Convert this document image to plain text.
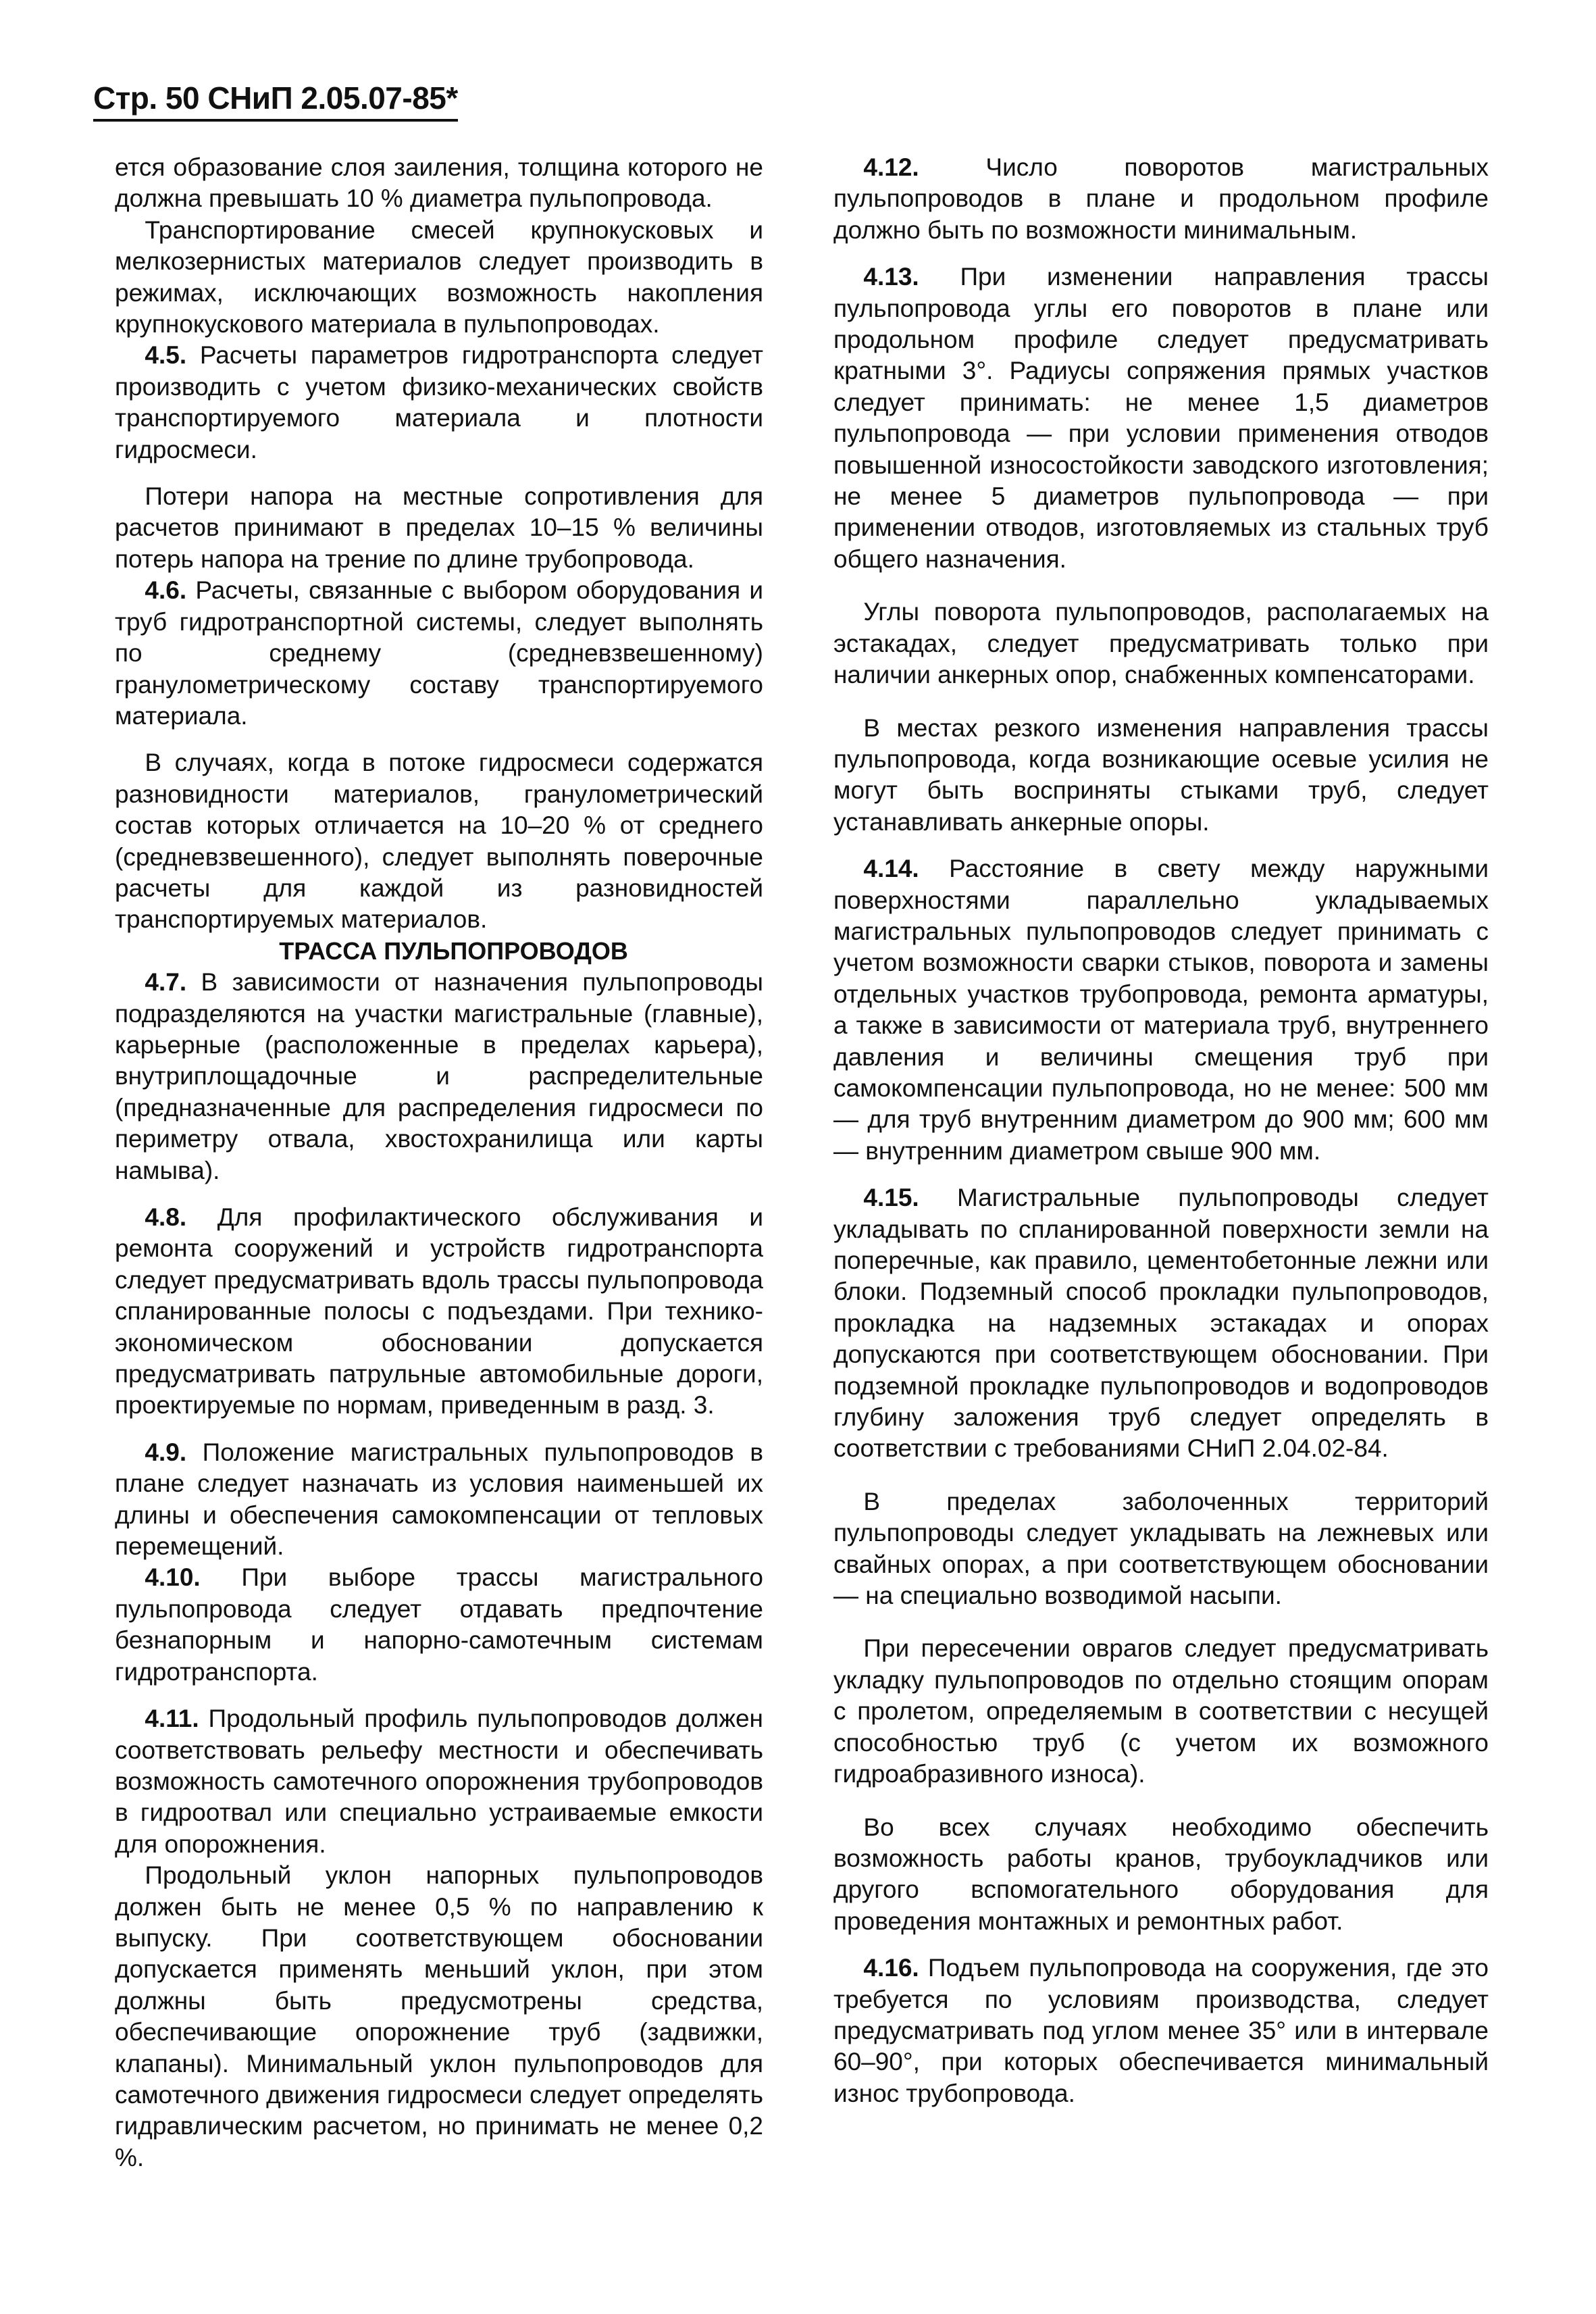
Стр. 50 СНиП 2.05.07-85*

ется образование слоя заиления, толщина которого не должна превышать 10 % диаметра пульпопровода.

Транспортирование смесей крупнокусковых и мелкозернистых материалов следует производить в режимах, исключающих возможность накопления крупнокускового материала в пульпопроводах.

4.5. Расчеты параметров гидротранспорта следует производить с учетом физико-механических свойств транспортируемого материала и плотности гидросмеси.

Потери напора на местные сопротивления для расчетов принимают в пределах 10–15 % величины потерь напора на трение по длине трубопровода.

4.6. Расчеты, связанные с выбором оборудования и труб гидротранспортной системы, следует выполнять по среднему (средневзвешенному) гранулометрическому составу транспортируемого материала.

В случаях, когда в потоке гидросмеси содержатся разновидности материалов, гранулометрический состав которых отличается на 10–20 % от среднего (средневзвешенного), следует выполнять поверочные расчеты для каждой из разновидностей транспортируемых материалов.

ТРАССА ПУЛЬПОПРОВОДОВ

4.7. В зависимости от назначения пульпопроводы подразделяются на участки магистральные (главные), карьерные (расположенные в пределах карьера), внутриплощадочные и распределительные (предназначенные для распределения гидросмеси по периметру отвала, хвостохранилища или карты намыва).

4.8. Для профилактического обслуживания и ремонта сооружений и устройств гидротранспорта следует предусматривать вдоль трассы пульпопровода спланированные полосы с подъездами. При технико-экономическом обосновании допускается предусматривать патрульные автомобильные дороги, проектируемые по нормам, приведенным в разд. 3.

4.9. Положение магистральных пульпопроводов в плане следует назначать из условия наименьшей их длины и обеспечения самокомпенсации от тепловых перемещений.

4.10. При выборе трассы магистрального пульпопровода следует отдавать предпочтение безнапорным и напорно-самотечным системам гидротранспорта.

4.11. Продольный профиль пульпопроводов должен соответствовать рельефу местности и обеспечивать возможность самотечного опорожнения трубопроводов в гидроотвал или специально устраиваемые емкости для опорожнения.

Продольный уклон напорных пульпопроводов должен быть не менее 0,5 % по направлению к выпуску. При соответствующем обосновании допускается применять меньший уклон, при этом должны быть предусмотрены средства, обеспечивающие опорожнение труб (задвижки, клапаны). Минимальный уклон пульпопроводов для самотечного движения гидросмеси следует определять гидравлическим расчетом, но принимать не менее 0,2 %.

4.12. Число поворотов магистральных пульпопроводов в плане и продольном профиле должно быть по возможности минимальным.

4.13. При изменении направления трассы пульпопровода углы его поворотов в плане или продольном профиле следует предусматривать кратными 3°. Радиусы сопряжения прямых участков следует принимать: не менее 1,5 диаметров пульпопровода — при условии применения отводов повышенной износостойкости заводского изготовления; не менее 5 диаметров пульпопровода — при применении отводов, изготовляемых из стальных труб общего назначения.

Углы поворота пульпопроводов, располагаемых на эстакадах, следует предусматривать только при наличии анкерных опор, снабженных компенсаторами.

В местах резкого изменения направления трассы пульпопровода, когда возникающие осевые усилия не могут быть восприняты стыками труб, следует устанавливать анкерные опоры.

4.14. Расстояние в свету между наружными поверхностями параллельно укладываемых магистральных пульпопроводов следует принимать с учетом возможности сварки стыков, поворота и замены отдельных участков трубопровода, ремонта арматуры, а также в зависимости от материала труб, внутреннего давления и величины смещения труб при самокомпенсации пульпопровода, но не менее: 500 мм — для труб внутренним диаметром до 900 мм; 600 мм — внутренним диаметром свыше 900 мм.

4.15. Магистральные пульпопроводы следует укладывать по спланированной поверхности земли на поперечные, как правило, цементобетонные лежни или блоки. Подземный способ прокладки пульпопроводов, прокладка на надземных эстакадах и опорах допускаются при соответствующем обосновании. При подземной прокладке пульпопроводов и водопроводов глубину заложения труб следует определять в соответствии с требованиями СНиП 2.04.02-84.

В пределах заболоченных территорий пульпопроводы следует укладывать на лежневых или свайных опорах, а при соответствующем обосновании — на специально возводимой насыпи.

При пересечении оврагов следует предусматривать укладку пульпопроводов по отдельно стоящим опорам с пролетом, определяемым в соответствии с несущей способностью труб (с учетом их возможного гидроабразивного износа).

Во всех случаях необходимо обеспечить возможность работы кранов, трубоукладчиков или другого вспомогательного оборудования для проведения монтажных и ремонтных работ.

4.16. Подъем пульпопровода на сооружения, где это требуется по условиям производства, следует предусматривать под углом менее 35° или в интервале 60–90°, при которых обеспечивается минимальный износ трубопровода.
